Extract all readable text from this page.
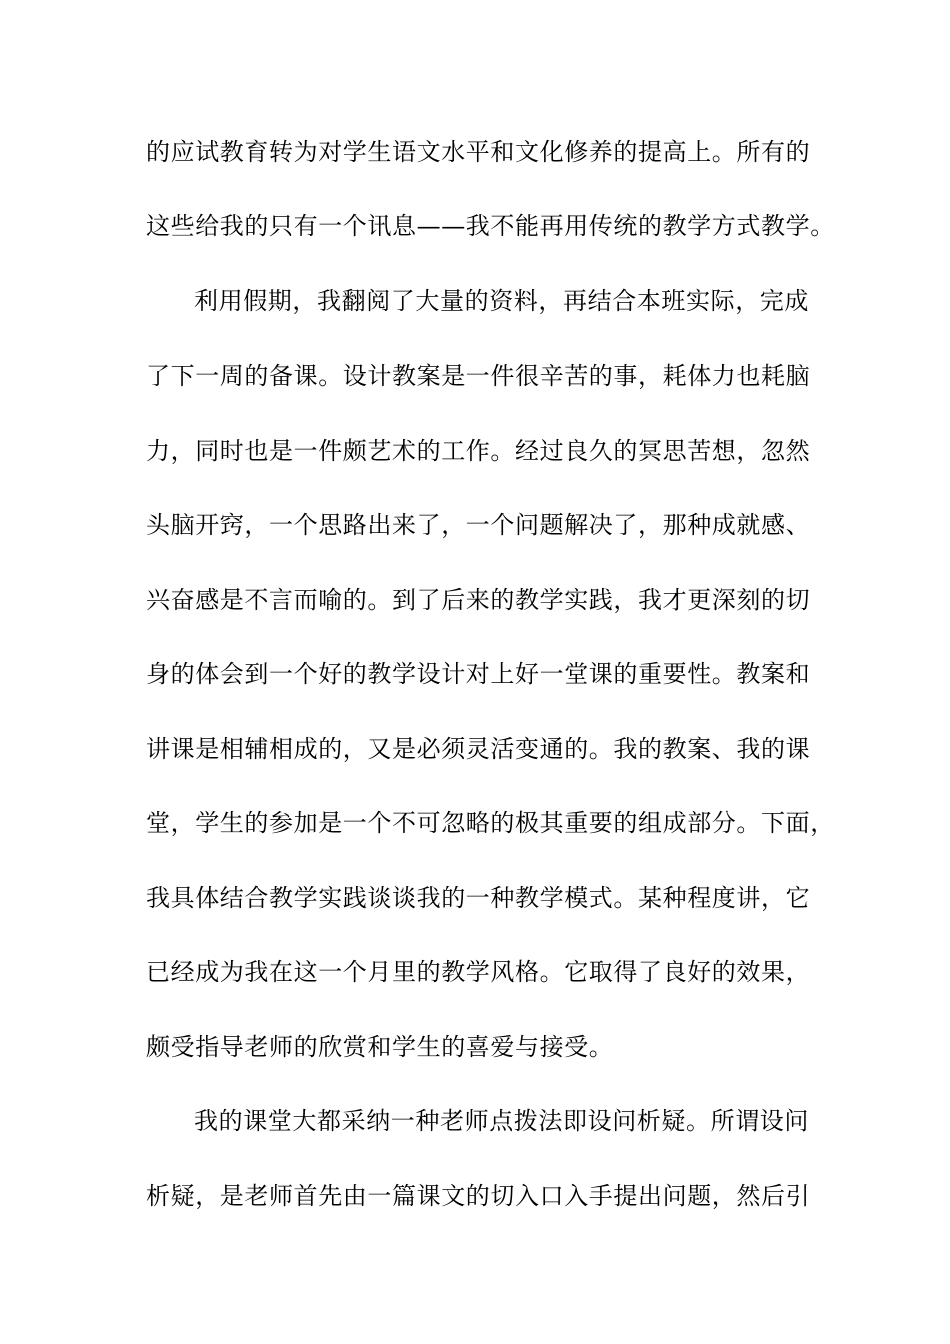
的应试教育转为对学生语文水平和文化修养的提高上。所有的
这些给我的只有一个讯息——我不能再用传统的教学方式教学。
利用假期，我翻阅了大量的资料，再结合本班实际，完成
了下一周的备课。设计教案是一件很辛苦的事，耗体力也耗脑
力，同时也是一件颇艺术的工作。经过良久的冥思苦想，忽然
头脑开窍，一个思路出来了，一个问题解决了，那种成就感、
兴奋感是不言而喻的。到了后来的教学实践，我才更深刻的切
身的体会到一个好的教学设计对上好一堂课的重要性。教案和
讲课是相辅相成的，又是必须灵活变通的。我的教案、我的课
堂，学生的参加是一个不可忽略的极其重要的组成部分。下面，
我具体结合教学实践谈谈我的一种教学模式。某种程度讲，它
已经成为我在这一个月里的教学风格。它取得了良好的效果，
颇受指导老师的欣赏和学生的喜爱与接受。
我的课堂大都采纳一种老师点拨法即设问析疑。所谓设问
析疑，是老师首先由一篇课文的切入口入手提出问题，然后引
